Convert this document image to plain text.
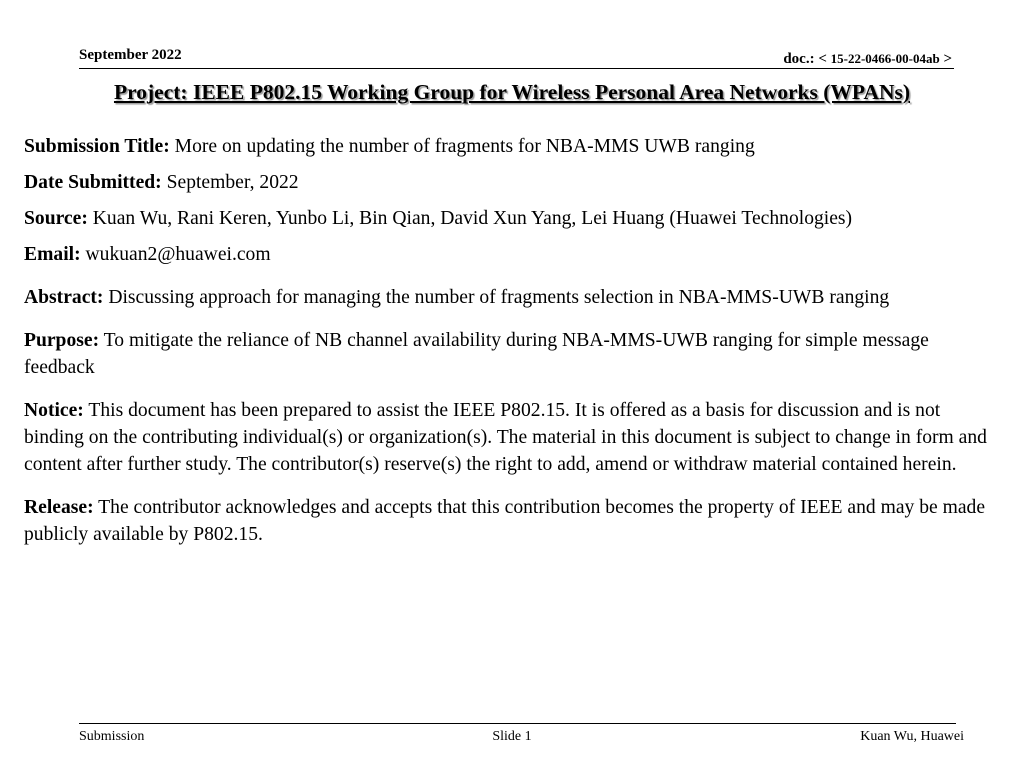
September 2022	doc.: < 15-22-0466-00-04ab >
Project: IEEE P802.15 Working Group for Wireless Personal Area Networks (WPANs)

Submission Title: More on updating the number of fragments for NBA-MMS UWB ranging

Date Submitted: September, 2022

Source: Kuan Wu, Rani Keren, Yunbo Li, Bin Qian, David Xun Yang, Lei Huang (Huawei Technologies)

Email: wukuan2@huawei.com

Abstract: Discussing approach for managing the number of fragments selection in NBA-MMS-UWB ranging

Purpose: To mitigate the reliance of NB channel availability during NBA-MMS-UWB ranging for simple message feedback

Notice: This document has been prepared to assist the IEEE P802.15. It is offered as a basis for discussion and is not binding on the contributing individual(s) or organization(s). The material in this document is subject to change in form and content after further study. The contributor(s) reserve(s) the right to add, amend or withdraw material contained herein.

Release: The contributor acknowledges and accepts that this contribution becomes the property of IEEE and may be made publicly available by P802.15.

Submission	Slide 1	Kuan Wu, Huawei
